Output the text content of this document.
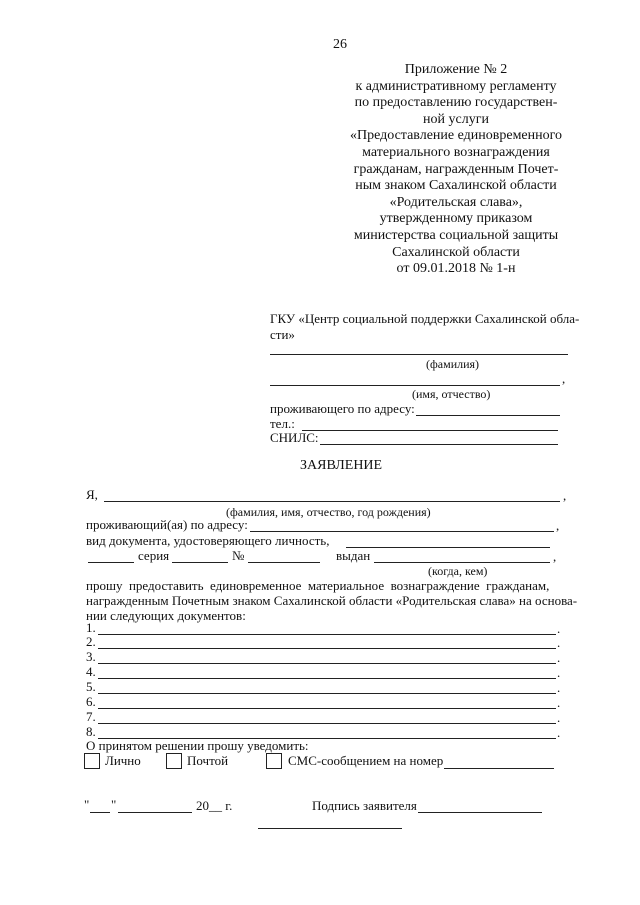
26
Приложение № 2
к административному регламенту
по предоставлению государствен-
ной услуги
«Предоставление единовременного
материального вознаграждения
гражданам, награжденным Почет-
ным знаком Сахалинской области
«Родительская слава»,
утвержденному приказом
министерства социальной защиты
Сахалинской области
от 09.01.2018 № 1-н
ГКУ «Центр социальной поддержки Сахалинской обла-
сти»
(фамилия)
,
(имя, отчество)
проживающего по адресу:
тел.:
СНИЛС:
ЗАЯВЛЕНИЕ
Я,	,
(фамилия, имя, отчество, год рождения)
проживающий(ая) по адресу:	,
вид документа, удостоверяющего личность,
серия	№	выдан	,
(когда, кем)
прошу  предоставить  единовременное  материальное  вознаграждение  гражданам,
награжденным Почетным знаком Сахалинской области «Родительская слава» на основа-
нии следующих документов:
1.	.
2.	.
3.	.
4.	.
5.	.
6.	.
7.	.
8.	.
О принятом решении прошу уведомить:
Лично	Почтой	СМС-сообщением на номер
" "	20__ г.	Подпись заявителя
